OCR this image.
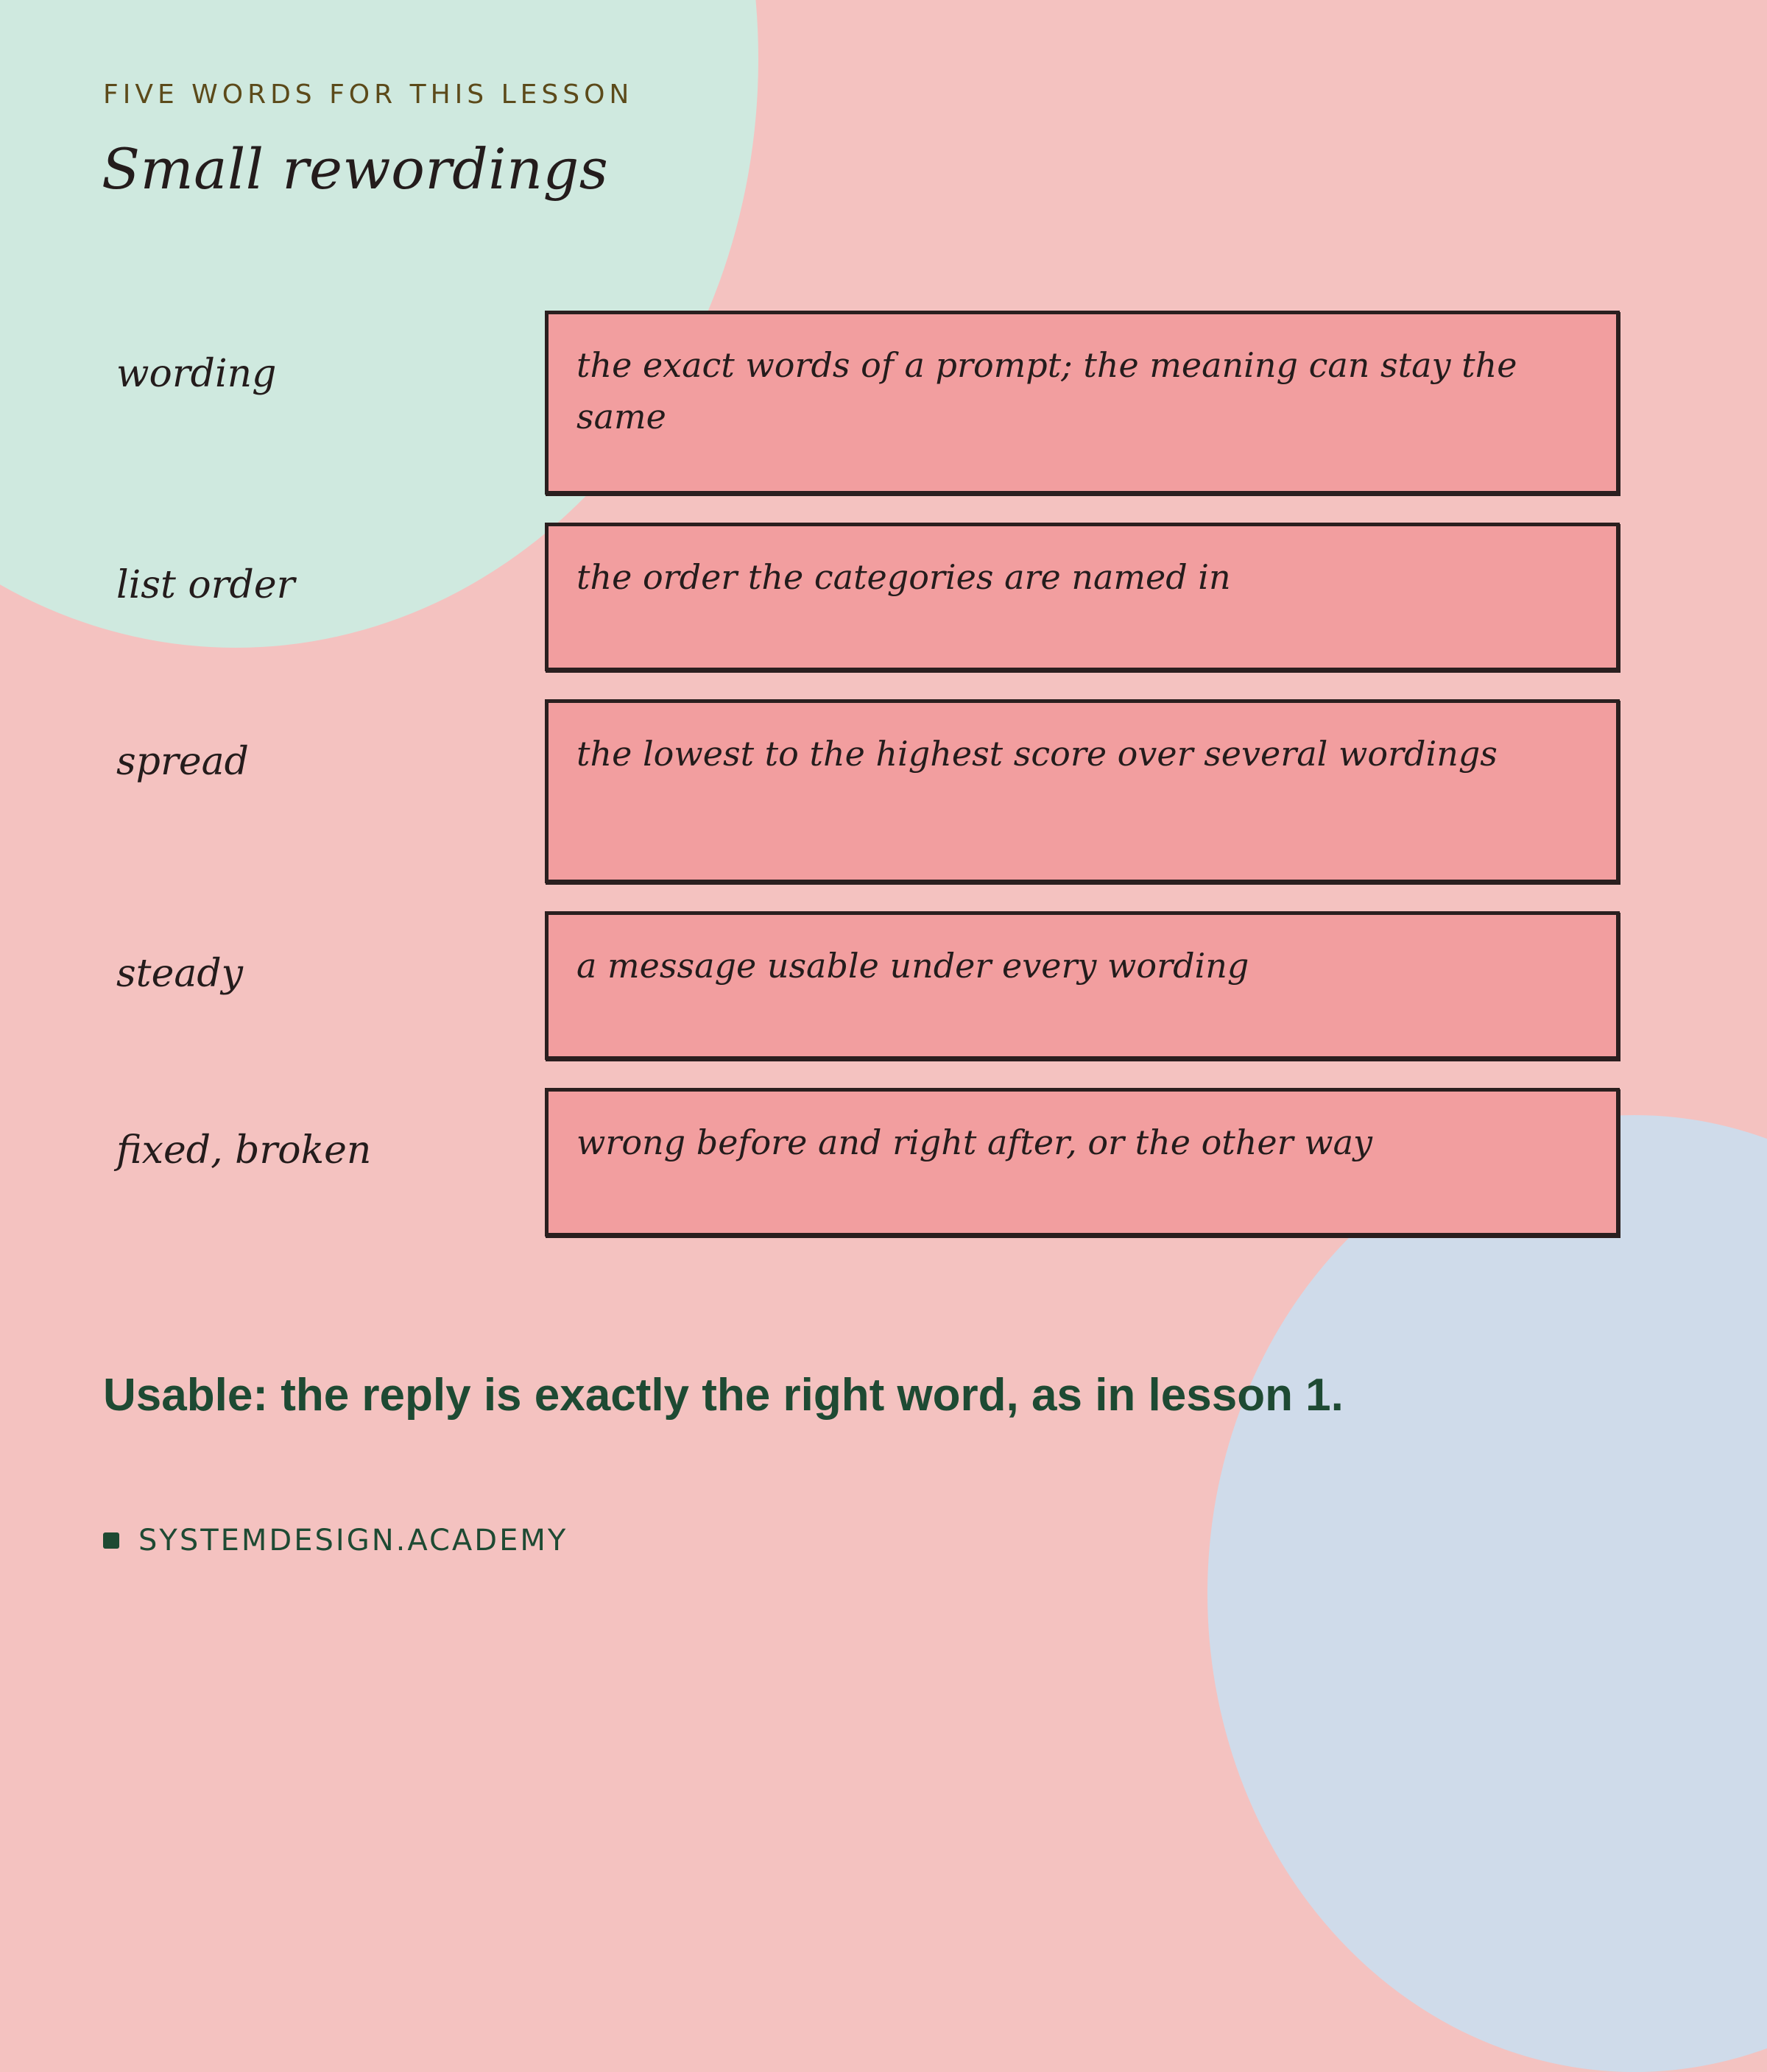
FIVE WORDS FOR THIS LESSON
Small rewordings
wording	the exact words of a prompt; the meaning can stay the same
list order	the order the categories are named in
spread	the lowest to the highest score over several wordings
steady	a message usable under every wording
fixed, broken	wrong before and right after, or the other way
Usable: the reply is exactly the right word, as in lesson 1.
SYSTEMDESIGN.ACADEMY
